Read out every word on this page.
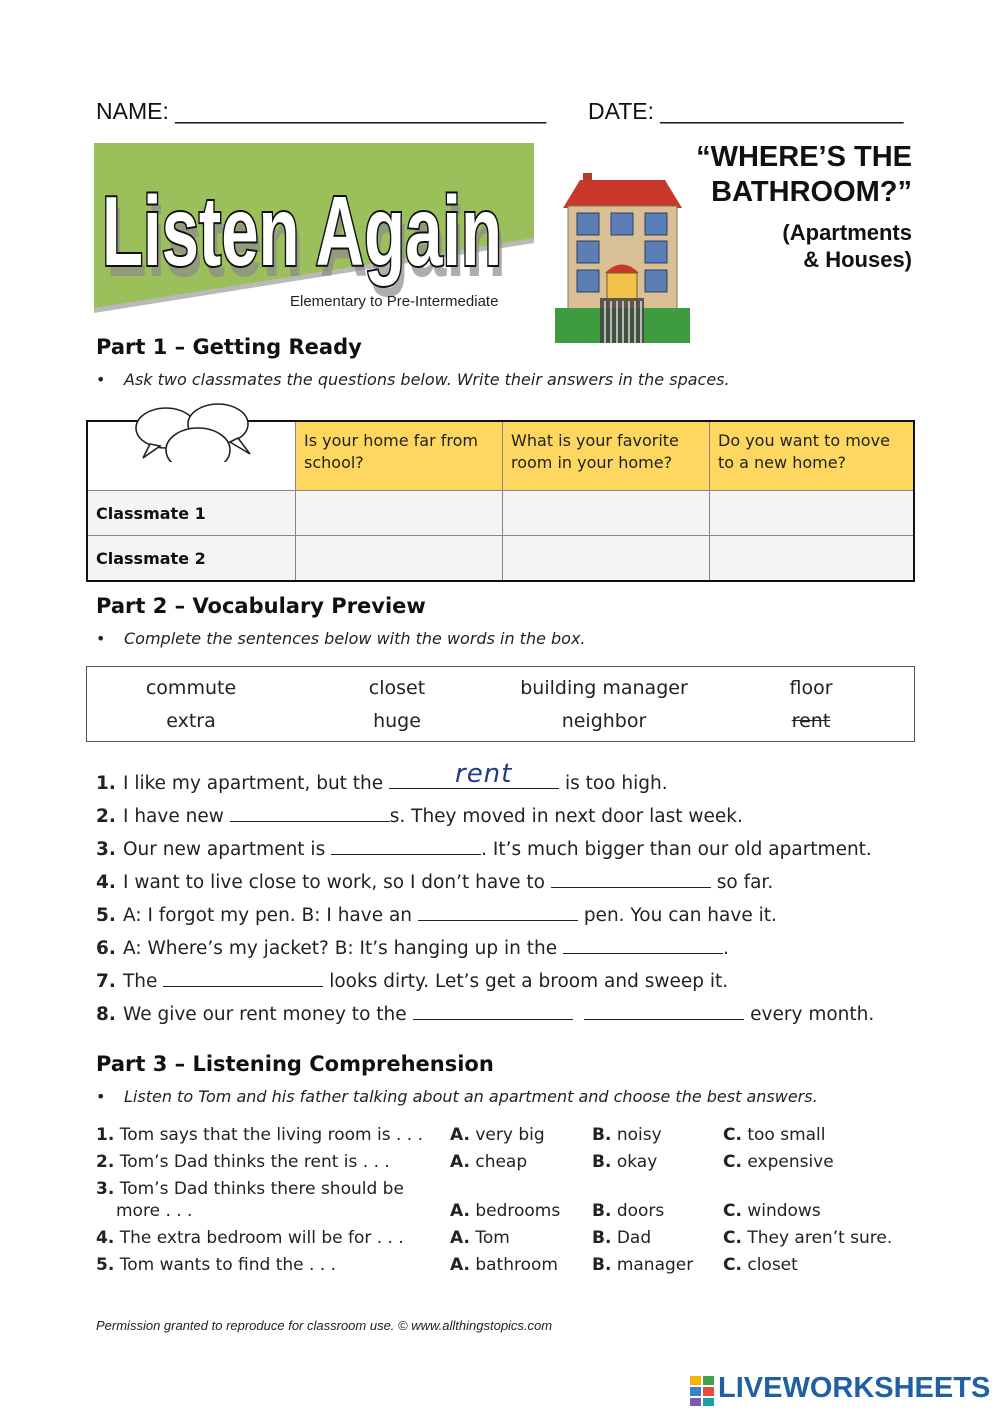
NAME: _____________________________ DATE: ___________________
Listen Again
Listen Again
Elementary to Pre-Intermediate
“WHERE’S THE
BATHROOM?”
(Apartments
& Houses)
Part 1 – Getting Ready
• Ask two classmates the questions below. Write their answers in the spaces.
	Is your home far from school?	What is your favorite room in your home?	Do you want to move to a new home?
Classmate 1			
Classmate 2			
Part 2 – Vocabulary Preview
• Complete the sentences below with the words in the box.
commute	closet	building manager	floor
extra	huge	neighbor	rent
1. I like my apartment, but the	is too high.
rent
2. I have new	s. They moved in next door last week.
3. Our new apartment is	. It’s much bigger than our old apartment.
4. I want to live close to work, so I don’t have to	so far.
5. A: I forgot my pen. B: I have an	pen. You can have it.
6. A: Where’s my jacket? B: It’s hanging up in the	.
7. The	looks dirty. Let’s get a broom and sweep it.
8. We give our rent money to the	every month.
Part 3 – Listening Comprehension
• Listen to Tom and his father talking about an apartment and choose the best answers.
1. Tom says that the living room is . . . A. very big	B. noisy	C. too small
2. Tom’s Dad thinks the rent is . . .	A. cheap	B. okay	C. expensive
3. Tom’s Dad thinks there should be
more . . .	A. bedrooms B. doors	C. windows
4. The extra bedroom will be for . . .	A. Tom	B. Dad	C. They aren’t sure.
5. Tom wants to find the . . .	A. bathroom B. manager C. closet
Permission granted to reproduce for classroom use. © www.allthingstopics.com
LIVEWORKSHEETS
